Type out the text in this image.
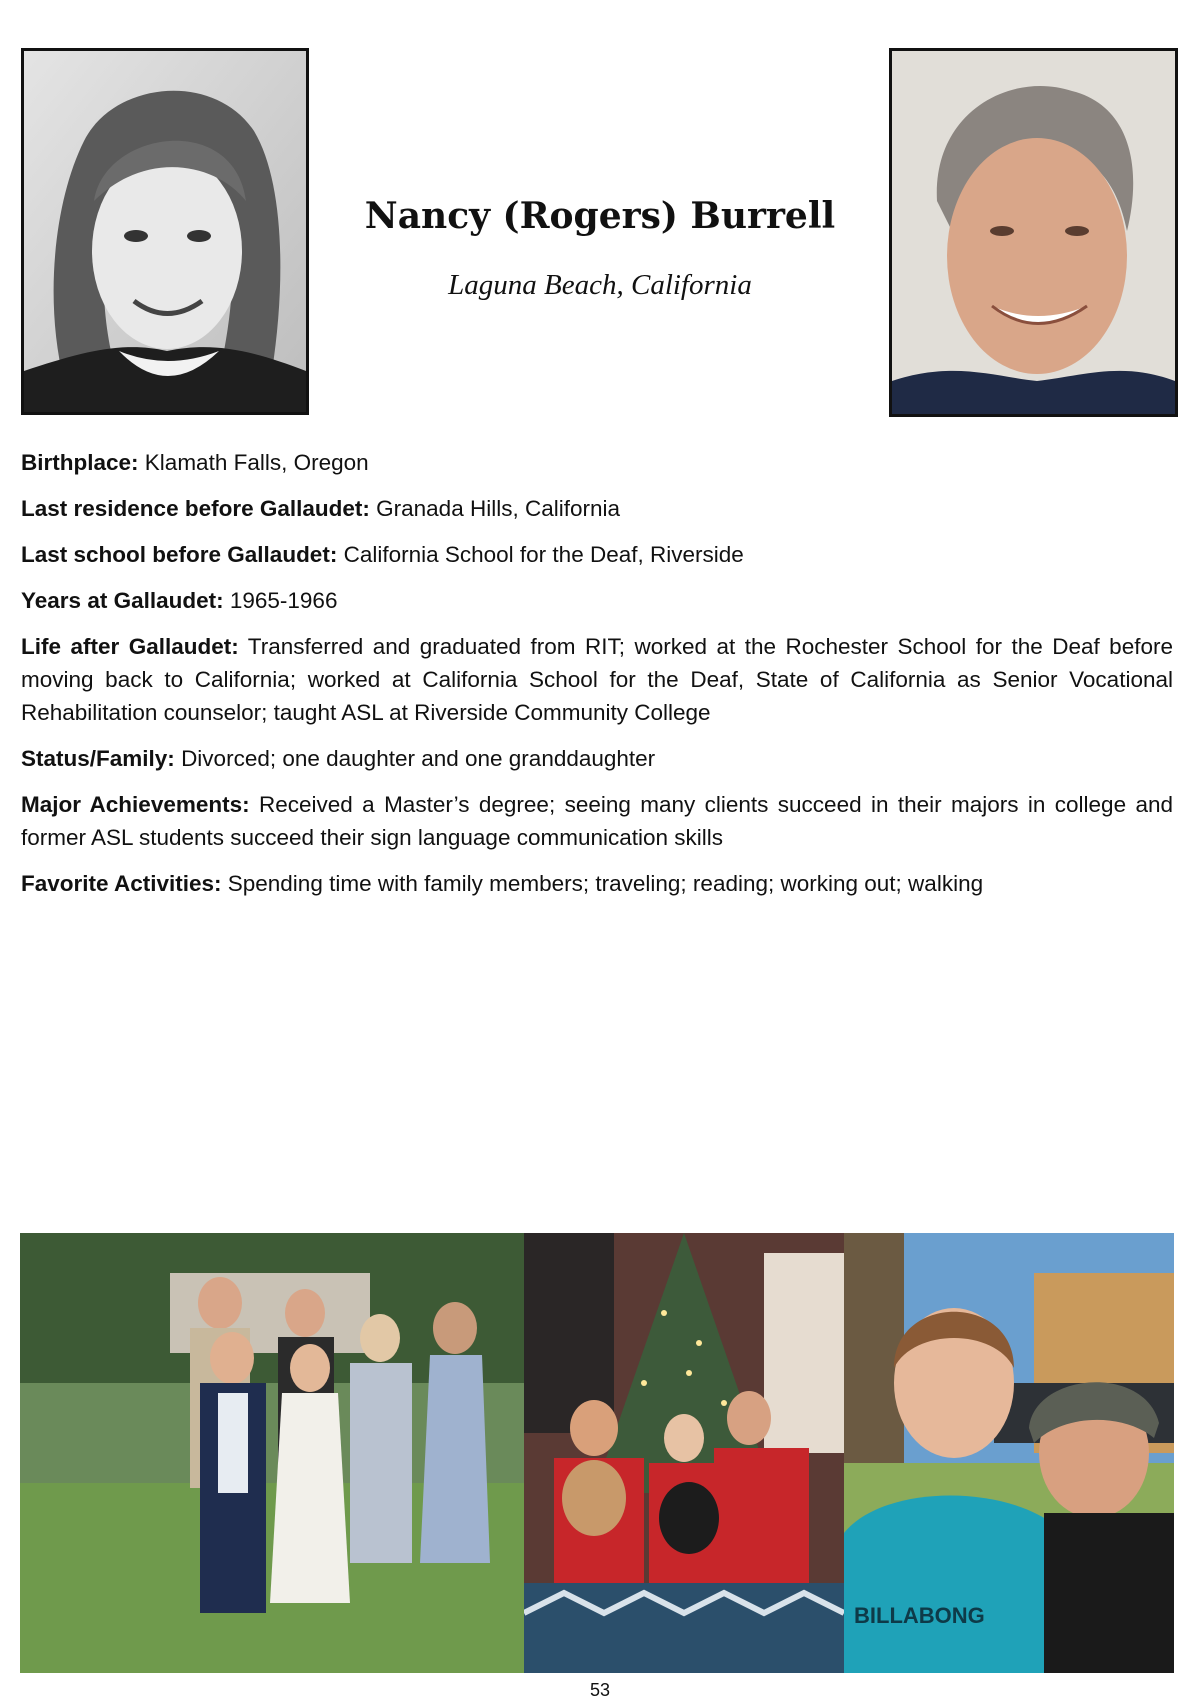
Nancy (Rogers) Burrell
Laguna Beach, California

Birthplace: Klamath Falls, Oregon

Last residence before Gallaudet: Granada Hills, California

Last school before Gallaudet: California School for the Deaf, Riverside

Years at Gallaudet: 1965-1966

Life after Gallaudet: Transferred and graduated from RIT; worked at the Rochester School for the Deaf before moving back to California; worked at California School for the Deaf, State of California as Senior Vocational Rehabilitation counselor; taught ASL at Riverside Community College

Status/Family: Divorced; one daughter and one granddaughter

Major Achievements: Received a Master’s degree; seeing many clients succeed in their majors in college and former ASL students succeed their sign language communication skills

Favorite Activities: Spending time with family members; traveling; reading; working out; walking

BILLABONG
53
